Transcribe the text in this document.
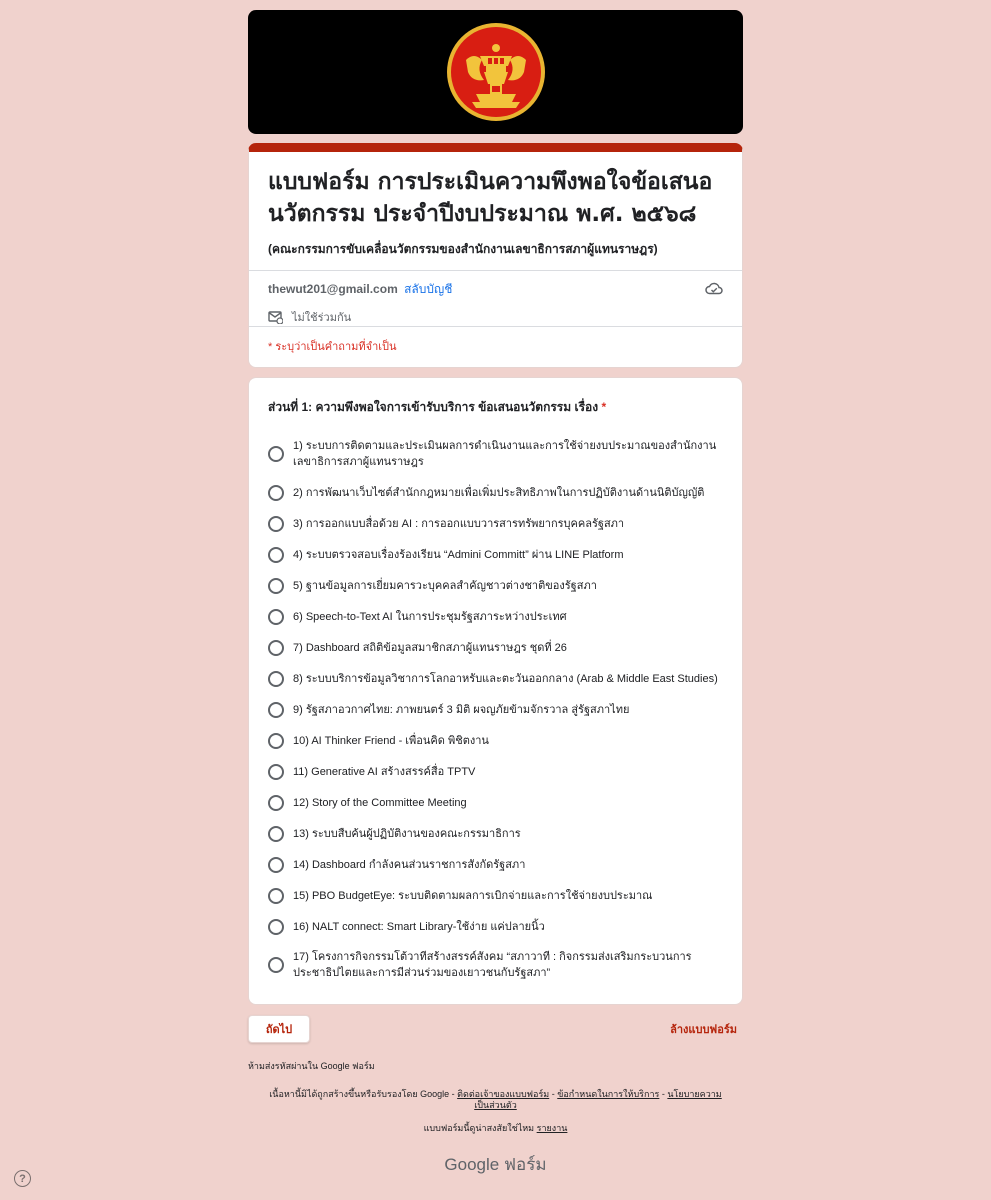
แบบฟอร์ม การประเมินความพึงพอใจข้อเสนอนวัตกรรม ประจำปีงบประมาณ พ.ศ. ๒๕๖๘
(คณะกรรมการขับเคลื่อนวัตกรรมของสำนักงานเลขาธิการสภาผู้แทนราษฎร)
thewut201@gmail.com สลับบัญชี
ไม่ใช้ร่วมกัน
* ระบุว่าเป็นคำถามที่จำเป็น
ส่วนที่ 1: ความพึงพอใจการเข้ารับบริการ ข้อเสนอนวัตกรรม เรื่อง *
1) ระบบการติดตามและประเมินผลการดำเนินงานและการใช้จ่ายงบประมาณของสำนักงานเลขาธิการสภาผู้แทนราษฎร
2) การพัฒนาเว็บไซต์สำนักกฎหมายเพื่อเพิ่มประสิทธิภาพในการปฏิบัติงานด้านนิติบัญญัติ
3) การออกแบบสื่อด้วย AI : การออกแบบวารสารทรัพยากรบุคคลรัฐสภา
4) ระบบตรวจสอบเรื่องร้องเรียน “Admini Committ” ผ่าน LINE Platform
5) ฐานข้อมูลการเยี่ยมคารวะบุคคลสำคัญชาวต่างชาติของรัฐสภา
6) Speech-to-Text AI ในการประชุมรัฐสภาระหว่างประเทศ
7) Dashboard สถิติข้อมูลสมาชิกสภาผู้แทนราษฎร ชุดที่ 26
8) ระบบบริการข้อมูลวิชาการโลกอาหรับและตะวันออกกลาง (Arab & Middle East Studies)
9) รัฐสภาอวกาศไทย: ภาพยนตร์ 3 มิติ ผจญภัยข้ามจักรวาล สู่รัฐสภาไทย
10) AI Thinker Friend - เพื่อนคิด พิชิตงาน
11) Generative AI สร้างสรรค์สื่อ TPTV
12) Story of the Committee Meeting
13) ระบบสืบค้นผู้ปฏิบัติงานของคณะกรรมาธิการ
14) Dashboard กำลังคนส่วนราชการสังกัดรัฐสภา
15) PBO BudgetEye: ระบบติดตามผลการเบิกจ่ายและการใช้จ่ายงบประมาณ
16) NALT connect: Smart Library-ใช้ง่าย แค่ปลายนิ้ว
17) โครงการกิจกรรมโต้วาทีสร้างสรรค์สังคม “สภาวาที : กิจกรรมส่งเสริมกระบวนการประชาธิปไตยและการมีส่วนร่วมของเยาวชนกับรัฐสภา”
ถัดไป	ล้างแบบฟอร์ม
ห้ามส่งรหัสผ่านใน Google ฟอร์ม
เนื้อหานี้มิได้ถูกสร้างขึ้นหรือรับรองโดย Google - ติดต่อเจ้าของแบบฟอร์ม - ข้อกำหนดในการให้บริการ - นโยบายความเป็นส่วนตัว
แบบฟอร์มนี้ดูน่าสงสัยใช่ไหม รายงาน
Google ฟอร์ม
?
